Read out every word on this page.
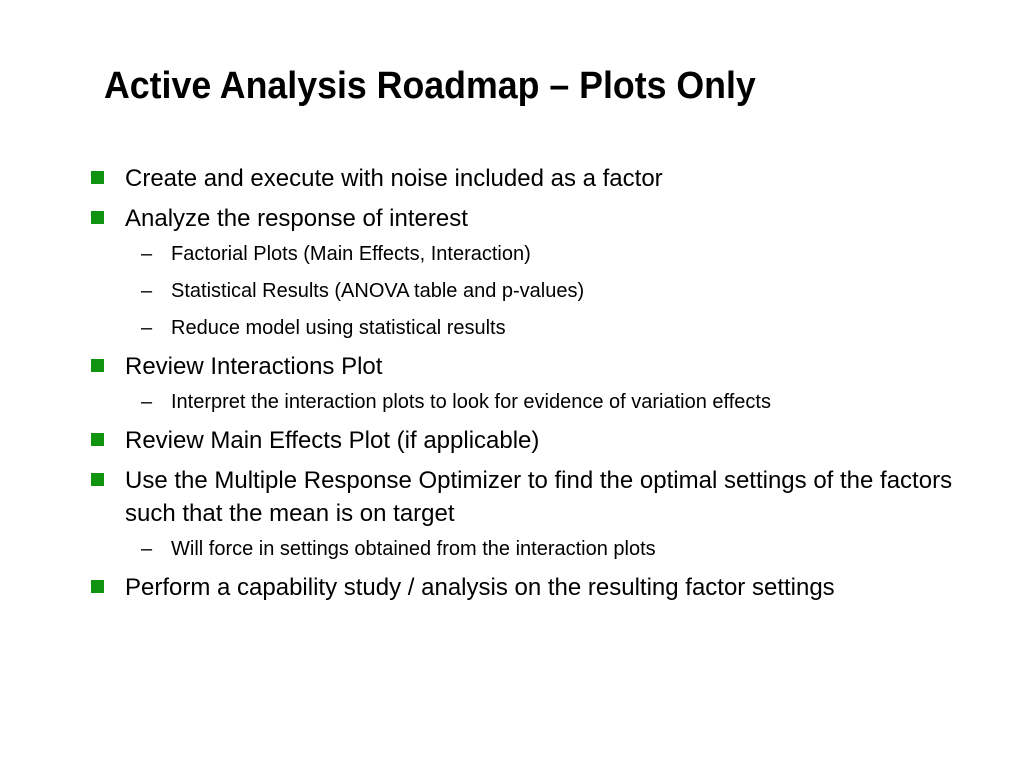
Active Analysis Roadmap – Plots Only
Create and execute with noise included as a factor
Analyze the response of interest
– Factorial Plots (Main Effects, Interaction)
– Statistical Results (ANOVA table and p-values)
– Reduce model using statistical results
Review Interactions Plot
– Interpret the interaction plots to look for evidence of variation effects
Review Main Effects Plot (if applicable)
Use the Multiple Response Optimizer to find the optimal settings of the factors such that the mean is on target
– Will force in settings obtained from the interaction plots
Perform a capability study / analysis on the resulting factor settings
